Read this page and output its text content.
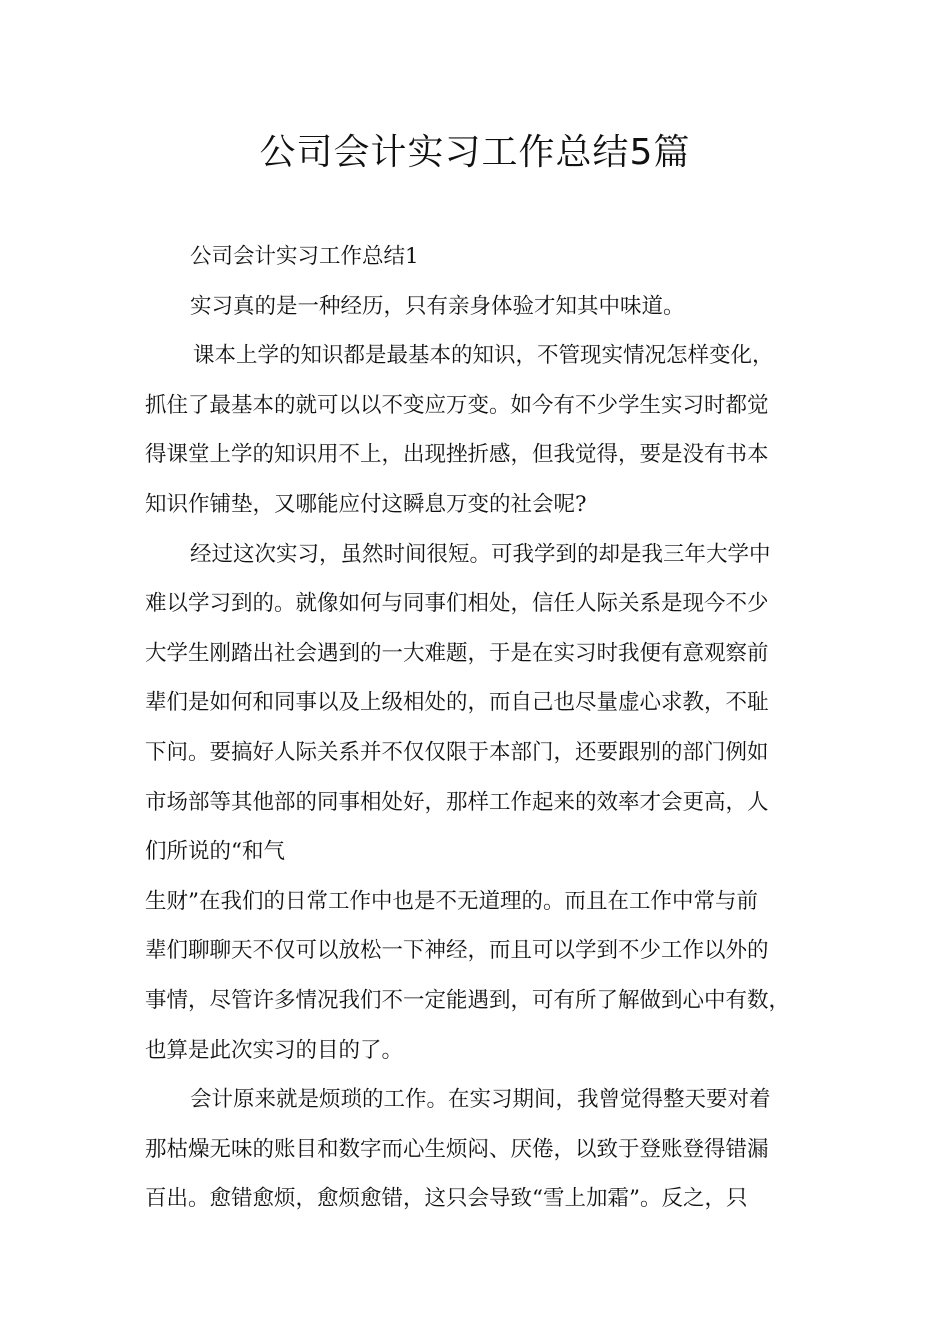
公司会计实习工作总结5篇

公司会计实习工作总结1

实习真的是一种经历，只有亲身体验才知其中味道。

课本上学的知识都是最基本的知识，不管现实情况怎样变化，

抓住了最基本的就可以以不变应万变。如今有不少学生实习时都觉

得课堂上学的知识用不上，出现挫折感，但我觉得，要是没有书本

知识作铺垫，又哪能应付这瞬息万变的社会呢?

经过这次实习，虽然时间很短。可我学到的却是我三年大学中

难以学习到的。就像如何与同事们相处，信任人际关系是现今不少

大学生刚踏出社会遇到的一大难题，于是在实习时我便有意观察前

辈们是如何和同事以及上级相处的，而自己也尽量虚心求教，不耻

下问。要搞好人际关系并不仅仅限于本部门，还要跟别的部门例如

市场部等其他部的同事相处好，那样工作起来的效率才会更高，人

们所说的“和气

生财”在我们的日常工作中也是不无道理的。而且在工作中常与前

辈们聊聊天不仅可以放松一下神经，而且可以学到不少工作以外的

事情，尽管许多情况我们不一定能遇到，可有所了解做到心中有数，

也算是此次实习的目的了。

会计原来就是烦琐的工作。在实习期间，我曾觉得整天要对着

那枯燥无味的账目和数字而心生烦闷、厌倦，以致于登账登得错漏

百出。愈错愈烦，愈烦愈错，这只会导致“雪上加霜”。反之，只
